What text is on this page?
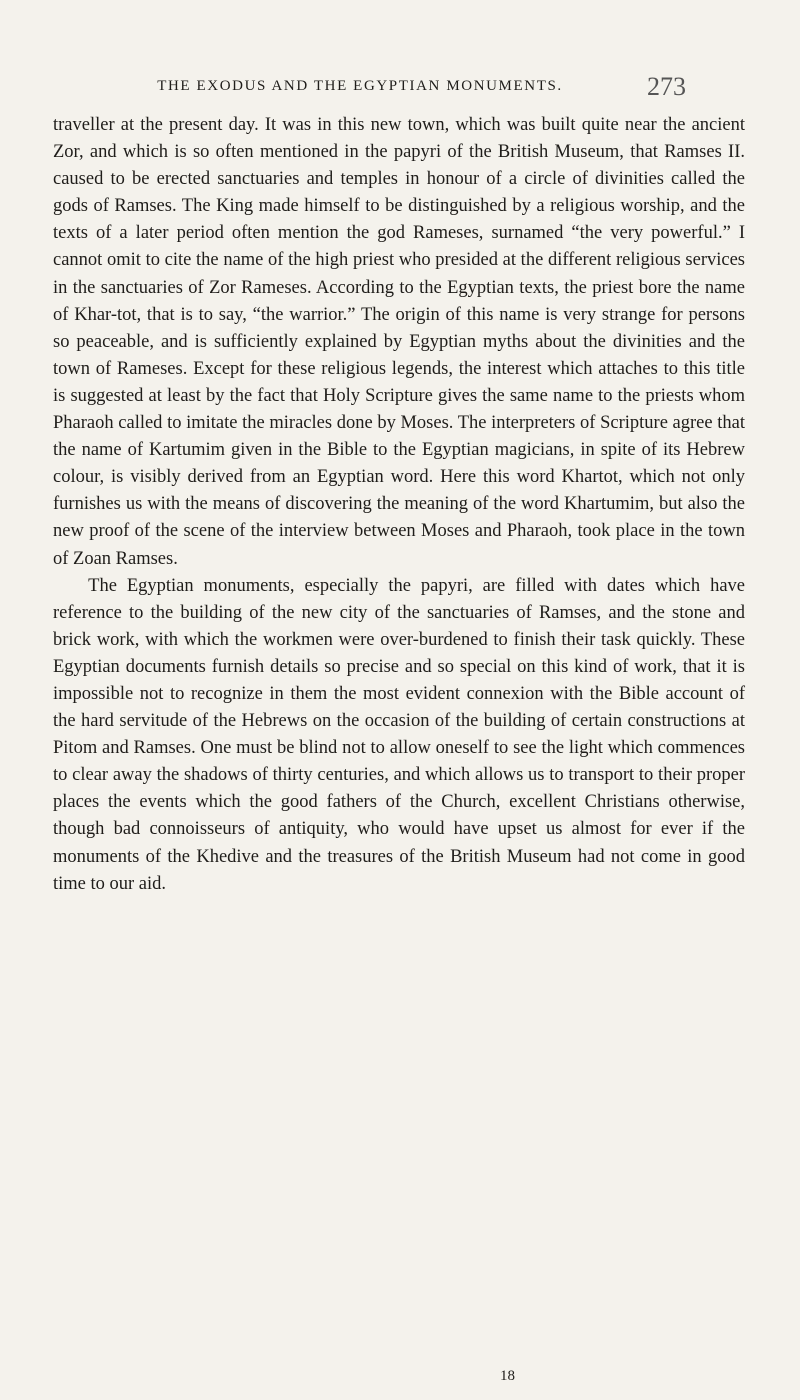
THE EXODUS AND THE EGYPTIAN MONUMENTS.	273

traveller at the present day. It was in this new town, which was built quite near the ancient Zor, and which is so often mentioned in the papyri of the British Museum, that Ramses II. caused to be erected sanctuaries and temples in honour of a circle of divinities called the gods of Ramses. The King made himself to be distinguished by a religious worship, and the texts of a later period often mention the god Rameses, surnamed “the very powerful.” I cannot omit to cite the name of the high priest who presided at the different religious services in the sanctuaries of Zor Rameses. According to the Egyptian texts, the priest bore the name of Khar-tot, that is to say, “the warrior.” The origin of this name is very strange for persons so peaceable, and is sufficiently explained by Egyptian myths about the divinities and the town of Rameses. Except for these religious legends, the interest which attaches to this title is suggested at least by the fact that Holy Scripture gives the same name to the priests whom Pharaoh called to imitate the miracles done by Moses. The interpreters of Scripture agree that the name of Kartumim given in the Bible to the Egyptian magicians, in spite of its Hebrew colour, is visibly derived from an Egyptian word. Here this word Khartot, which not only furnishes us with the means of discovering the meaning of the word Khartumim, but also the new proof of the scene of the interview between Moses and Pharaoh, took place in the town of Zoan Ramses.

The Egyptian monuments, especially the papyri, are filled with dates which have reference to the building of the new city of the sanctuaries of Ramses, and the stone and brick work, with which the workmen were over-burdened to finish their task quickly. These Egyptian documents furnish details so precise and so special on this kind of work, that it is impossible not to recognize in them the most evident connexion with the Bible account of the hard servitude of the Hebrews on the occasion of the building of certain constructions at Pitom and Ramses. One must be blind not to allow oneself to see the light which commences to clear away the shadows of thirty centuries, and which allows us to transport to their proper places the events which the good fathers of the Church, excellent Christians otherwise, though bad connoisseurs of antiquity, who would have upset us almost for ever if the monuments of the Khedive and the treasures of the British Museum had not come in good time to our aid.

18
